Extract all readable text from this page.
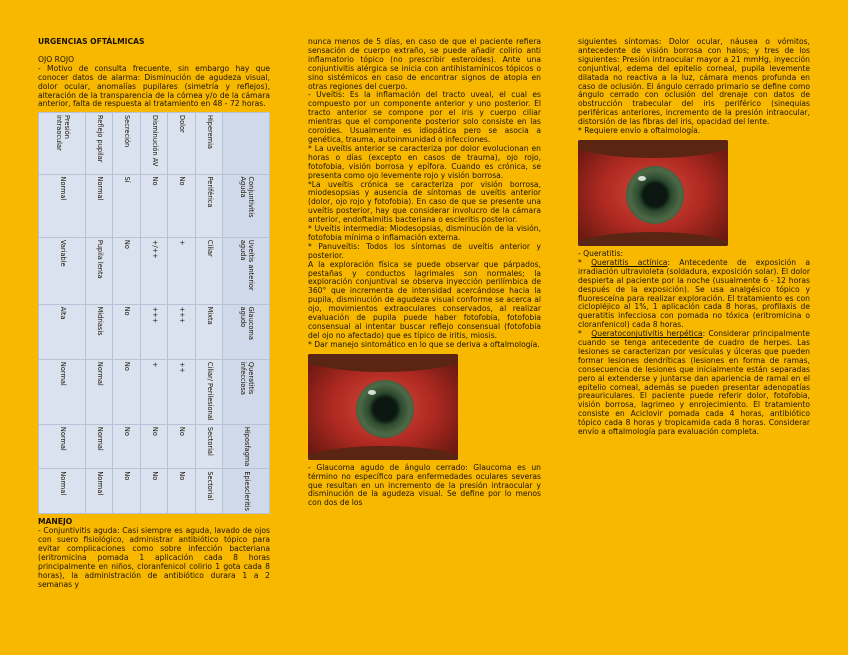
URGENCIAS OFTÁLMICAS

OJO ROJO

- Motivo de consulta frecuente, sin embargo hay que conocer datos de alarma: Disminución de agudeza visual, dolor ocular, anomalías pupilares (simetría y reflejos), alteración de la transparencia de la córnea y/o de la cámara anterior, falta de respuesta al tratamiento en 48 - 72 horas.

	Conjuntivitis Aguda	Uveítis anterior aguda	Glaucoma agudo	Queratitis infecciosa	Hiposfagma	Epiescleritis
Hiperemia	Periférica	Ciliar	Mixta	Ciliar/ Perilesional	Sectorial	Sectorial
Dolor	No	+	+++	++	No	No
Disminución AV	No	+/++	+++	+	No	No
Secreción	Sí	No	No	No	No	No
Reflejo pupilar	Normal	Pupila lenta	Midriasis	Normal	Normal	Normal
Presión intraocular	Normal	Variable	Alta	Normal	Normal	Normal

MANEJO

- Conjuntivitis aguda: Casi siempre es aguda, lavado de ojos con suero fisiológico, administrar antibiótico tópico para evitar complicaciones como sobre infección bacteriana (eritromicina pomada 1 aplicación cada 8 horas principalmente en niños, cloranfenicol colirio 1 gota cada 8 horas), la administración de antibiótico durara 1 a 2 semanas y

nunca menos de 5 días, en caso de que el paciente refiera sensación de cuerpo extraño, se puede añadir colirio anti inflamatorio tópico (no prescribir esteroides). Ante una conjuntivitis alérgica se inicia con antihistamínicos tópicos o sino sistémicos en caso de encontrar signos de atopia en otras regiones del cuerpo.

- Uveítis: Es la inflamación del tracto uveal, el cual es compuesto por un componente anterior y uno posterior. El tracto anterior se compone por el iris y cuerpo ciliar mientras que el componente posterior solo consiste en las coroides. Usualmente es idiopática pero se asocia a genética, trauma, autoinmunidad o infecciones.

* La uveítis anterior se caracteriza por dolor evolucionan en horas o días (excepto en casos de trauma), ojo rojo, fotofobia, visión borrosa y epífora. Cuando es crónica, se presenta como ojo levemente rojo y visión borrosa.

*La uveítis crónica se caracteriza por visión borrosa, miodesopsias y ausencia de síntomas de uveítis anterior (dolor, ojo rojo y fotofobia). En caso de que se presente una uveítis posterior, hay que considerar involucro de la cámara anterior, endoftalmitis bacteriana o escleritis posterior.

* Uveítis intermedia: Miodesopsias, disminución de la visión, fotofobia mínima o inflamación externa.

* Panuveítis: Todos los síntomas de uveítis anterior y posterior.

A la exploración física se puede observar que párpados, pestañas y conductos lagrimales son normales; la exploración conjuntival se observa inyección perilímbica de 360° que incrementa de intensidad acercándose hacia la pupila, disminución de agudeza visual conforme se acerca al ojo, movimientos extraoculares conservados, al realizar evaluación de pupila puede haber fotofobia, fotofobia consensual al intentar buscar reflejo consensual (fotofobia del ojo no afectado) que es típico de iritis, miosis.

* Dar manejo sintomático en lo que se deriva a oftalmología.

- Glaucoma agudo de ángulo cerrado: Glaucoma es un término no específico para enfermedades oculares severas que resultan en un incremento de la presión intraocular y disminución de la agudeza visual. Se define por lo menos con dos de los

siguientes síntomas: Dolor ocular, náusea o vómitos, antecedente de visión borrosa con halos; y tres de los siguientes: Presión intraocular mayor a 21 mmHg, inyección conjuntival, edema del epitelio corneal, pupila levemente dilatada no reactiva a la luz, cámara menos profunda en caso de oclusión. El ángulo cerrado primario se define como ángulo cerrado con oclusión del drenaje con datos de obstrucción trabecular del iris periférico (sinequias periféricas anteriores, incremento de la presión intraocular, distorsión de las fibras del iris, opacidad del lente.

* Requiere envío a oftalmología.

- Queratitis:

* Queratitis actínica: Antecedente de exposición a irradiación ultravioleta (soldadura, exposición solar). El dolor despierta al paciente por la noche (usualmente 6 - 12 horas después de la exposición). Se usa analgésico tópico y fluoresceína para realizar exploración. El tratamiento es con ciclopléjico al 1%, 1 aplicación cada 8 horas, profilaxis de queratitis infecciosa con pomada no tóxica (eritromicina o cloranfenicol) cada 8 horas.

*   Queratoconjutivitis herpética: Considerar principalmente cuando se tenga antecedente de cuadro de herpes. Las lesiones se caracterizan por vesículas y úlceras que pueden formar lesiones dendríticas (lesiones en forma de ramas, consecuencia de lesiones que inicialmente están separadas pero al extenderse y juntarse dan apariencia de ramal en el epitelio corneal, además se pueden presentar adenopatías preauriculares. El paciente puede referir dolor, fotofobia, visión borrosa, lagrimeo y enrojecimiento. El tratamiento consiste en Aciclovir pomada cada 4 horas, antibiótico tópico cada 8 horas y tropicamida cada 8 horas. Considerar envío a oftalmología para evaluación completa.
